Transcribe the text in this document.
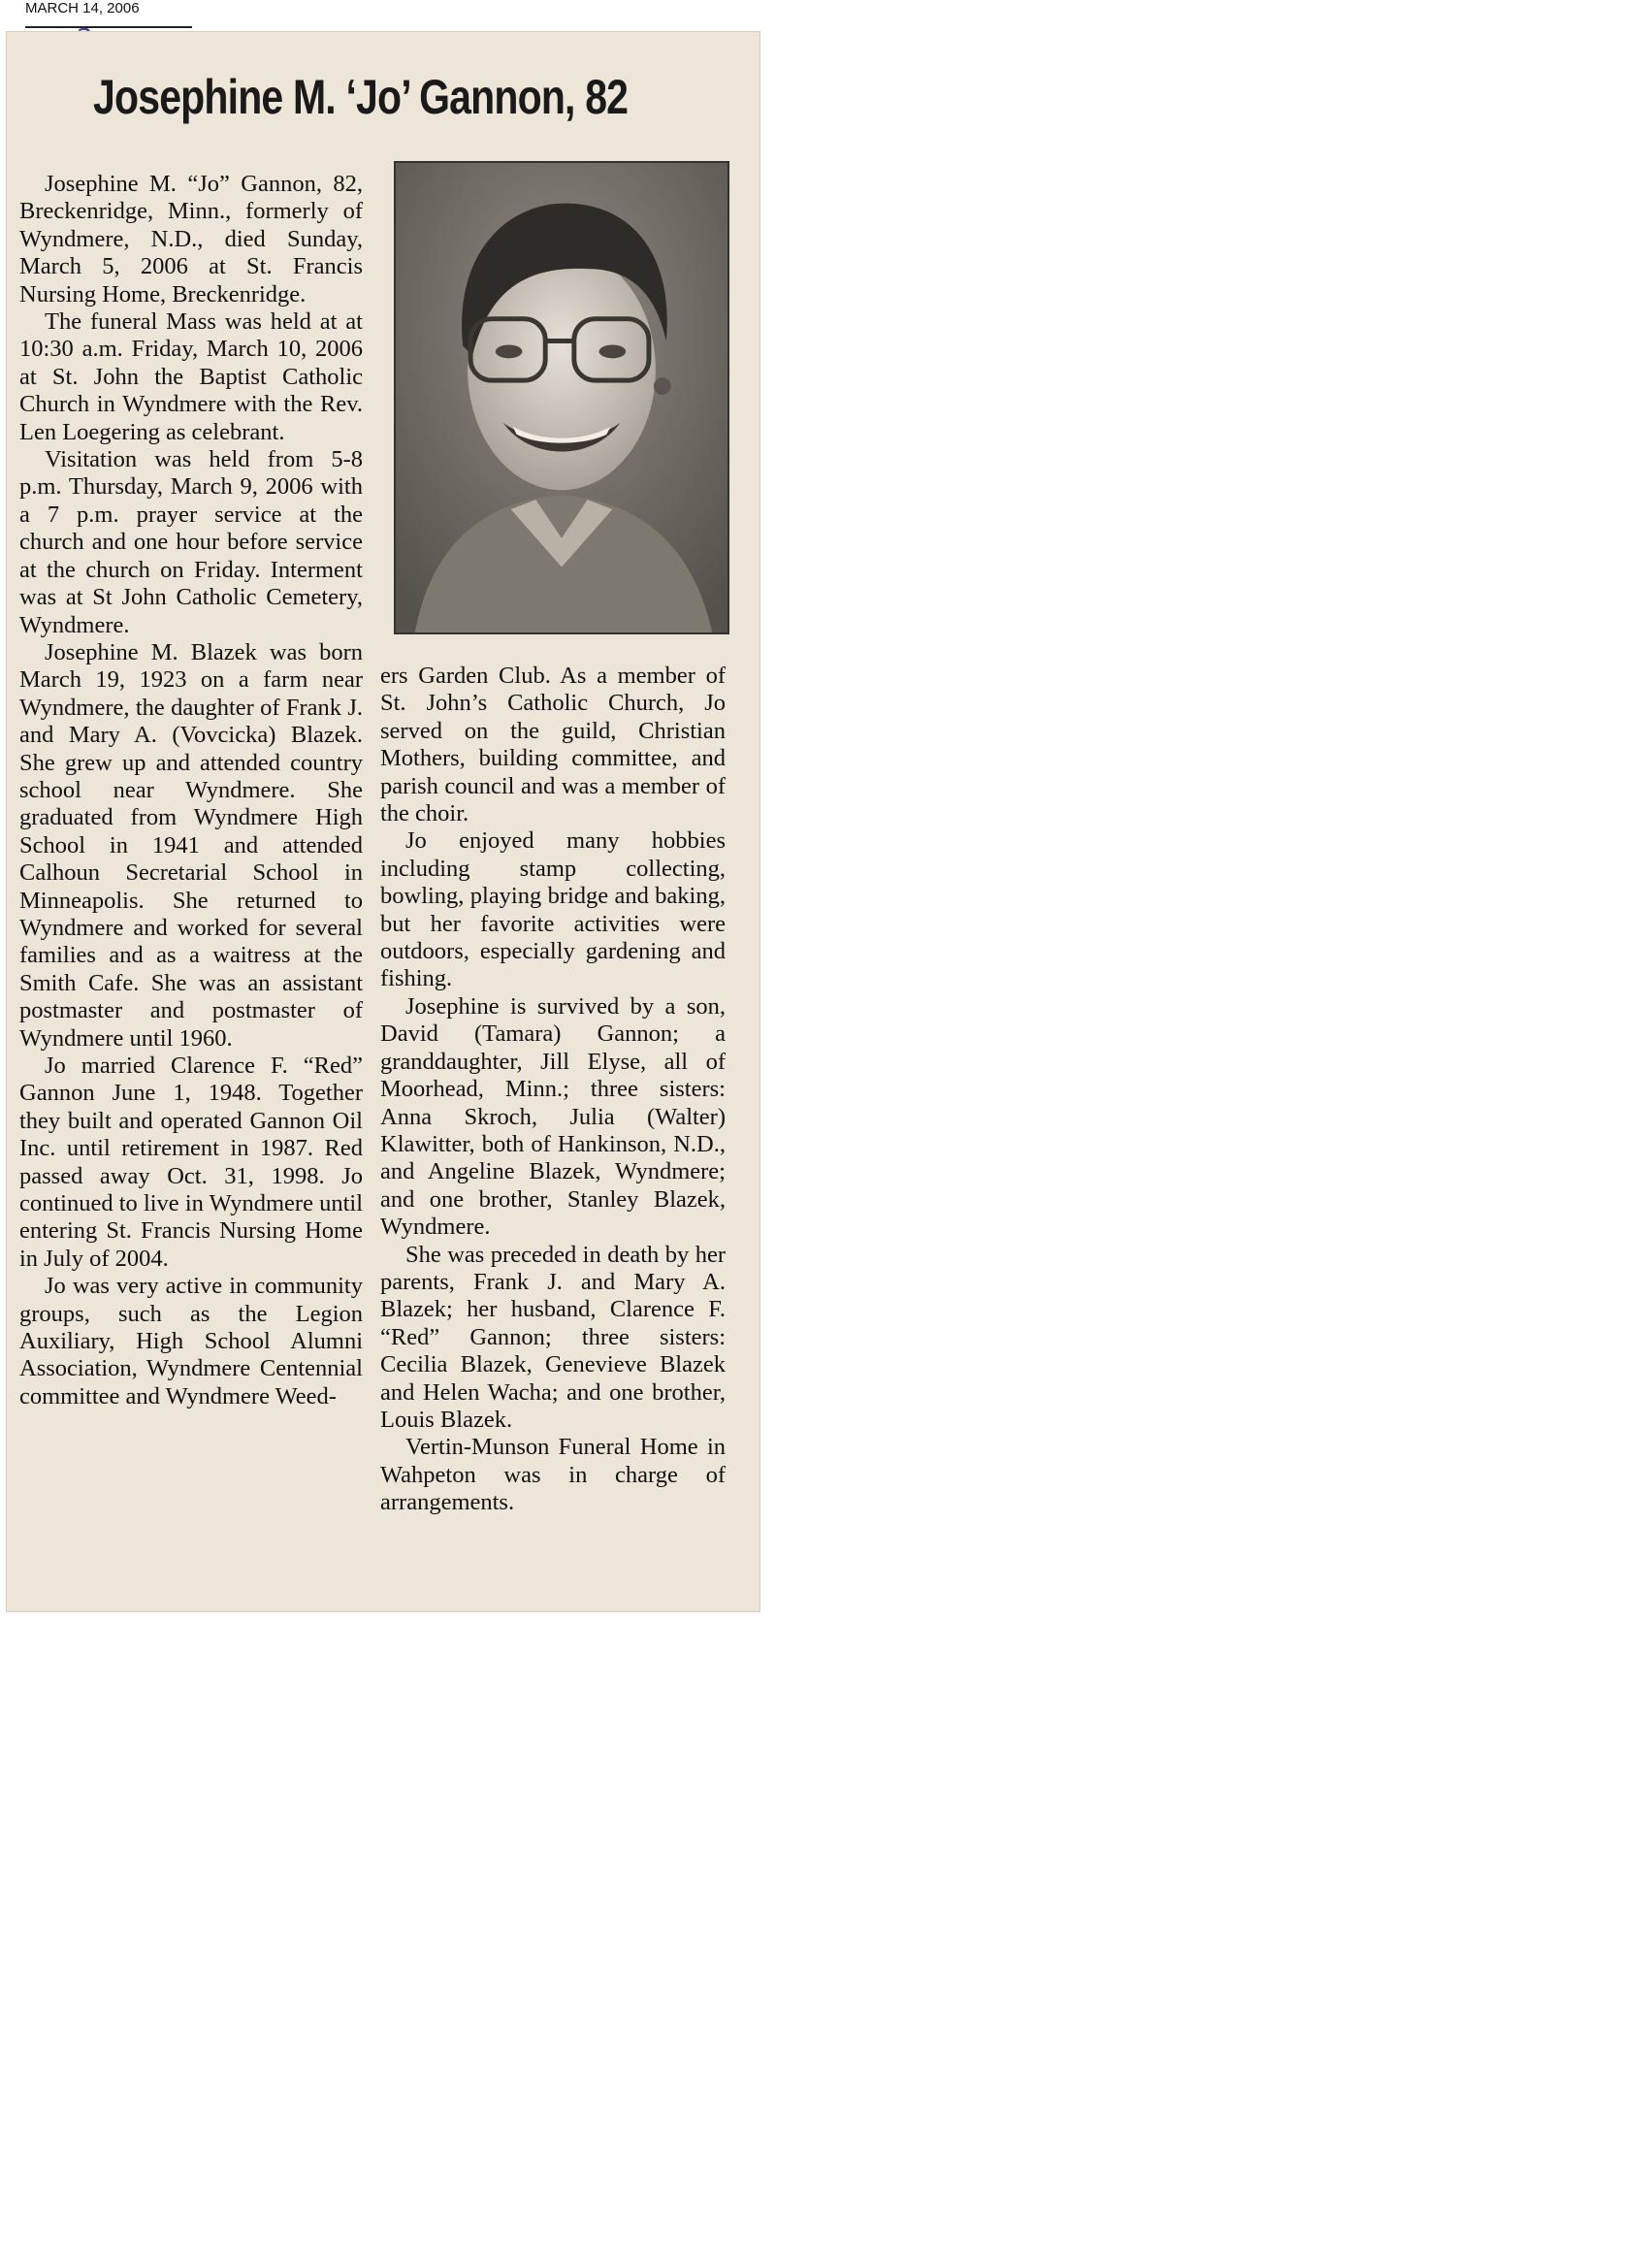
MARCH 14, 2006
Josephine M. ‘Jo’ Gannon, 82

Josephine M. “Jo” Gannon, 82, Breckenridge, Minn., formerly of Wyndmere, N.D., died Sunday, March 5, 2006 at St. Francis Nursing Home, Breckenridge.

The funeral Mass was held at at 10:30 a.m. Friday, March 10, 2006 at St. John the Baptist Catholic Church in Wyndmere with the Rev. Len Loegering as celebrant.

Visitation was held from 5-8 p.m. Thursday, March 9, 2006 with a 7 p.m. prayer service at the church and one hour before service at the church on Friday. Interment was at St John Catholic Cemetery, Wyndmere.

Josephine M. Blazek was born March 19, 1923 on a farm near Wyndmere, the daughter of Frank J. and Mary A. (Vovcicka) Blazek. She grew up and attended country school near Wyndmere. She graduated from Wyndmere High School in 1941 and attended Calhoun Secretarial School in Minneapolis. She returned to Wyndmere and worked for several families and as a waitress at the Smith Cafe. She was an assistant postmaster and postmaster of Wyndmere until 1960.

Jo married Clarence F. “Red” Gannon June 1, 1948. Together they built and operated Gannon Oil Inc. until retirement in 1987. Red passed away Oct. 31, 1998. Jo continued to live in Wyndmere until entering St. Francis Nursing Home in July of 2004.

Jo was very active in community groups, such as the Legion Auxiliary, High School Alumni Association, Wyndmere Centennial committee and Wyndmere Weed-

ers Garden Club. As a member of St. John’s Catholic Church, Jo served on the guild, Christian Mothers, building committee, and parish council and was a member of the choir.

Jo enjoyed many hobbies including stamp collecting, bowling, playing bridge and baking, but her favorite activities were outdoors, especially gardening and fishing.

Josephine is survived by a son, David (Tamara) Gannon; a granddaughter, Jill Elyse, all of Moorhead, Minn.; three sisters: Anna Skroch, Julia (Walter) Klawitter, both of Hankinson, N.D., and Angeline Blazek, Wyndmere; and one brother, Stanley Blazek, Wyndmere.

She was preceded in death by her parents, Frank J. and Mary A. Blazek; her husband, Clarence F. “Red” Gannon; three sisters: Cecilia Blazek, Genevieve Blazek and Helen Wacha; and one brother, Louis Blazek.

Vertin-Munson Funeral Home in Wahpeton was in charge of arrangements.
